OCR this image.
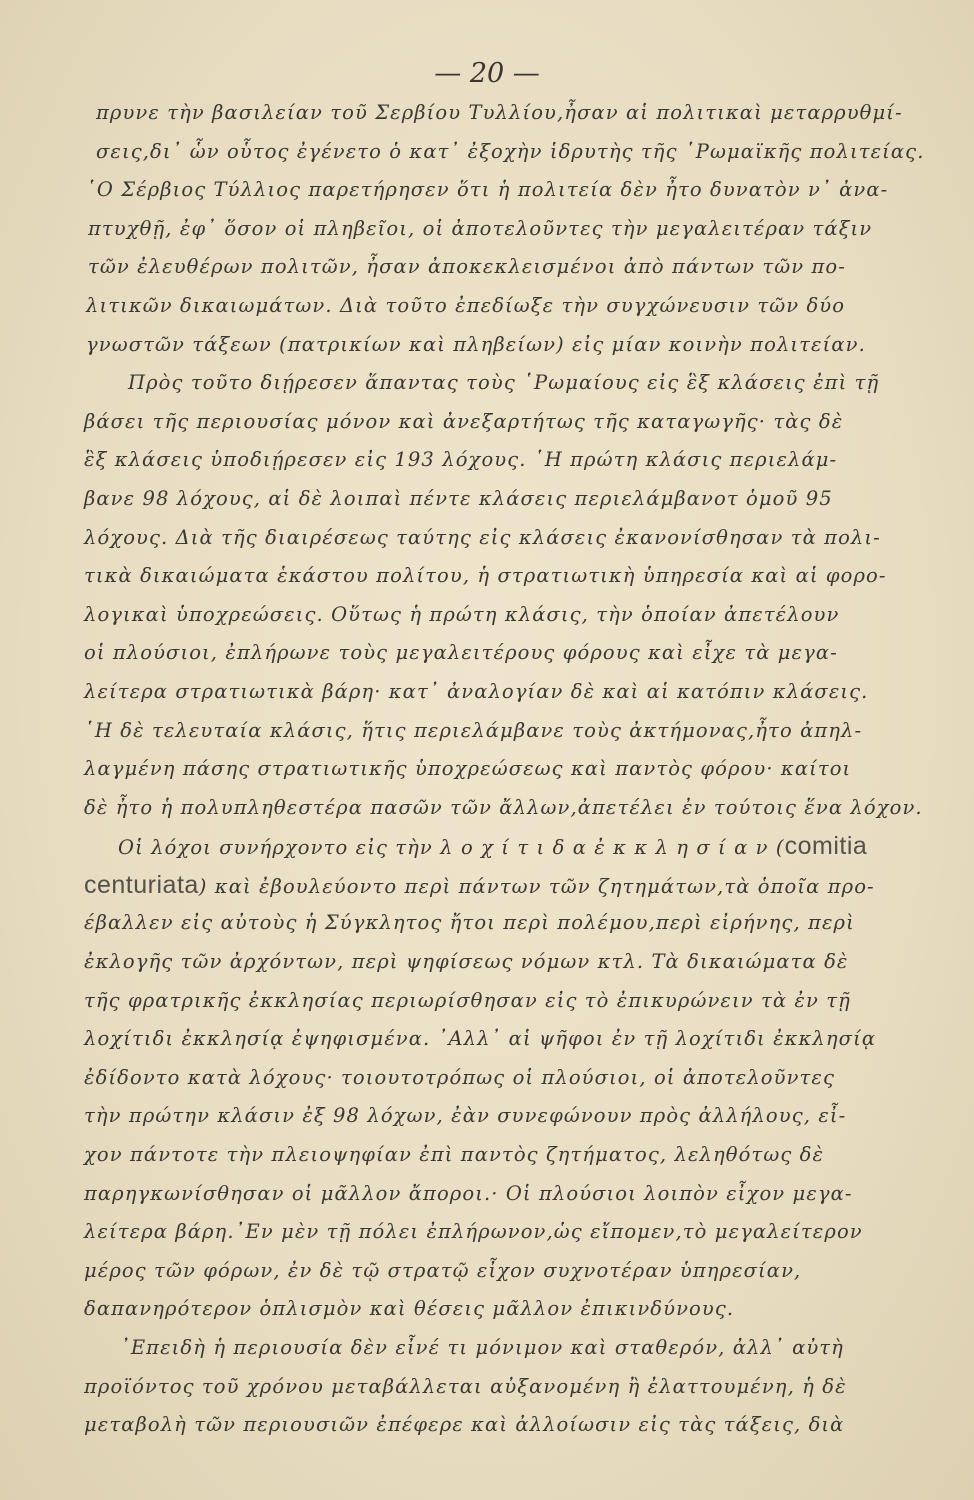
— 20 —
πρυνε τὴν βασιλείαν τοῦ Σερβίου Τυλλίου,ἦσαν αἱ πολιτικαὶ μεταρρυθμί-
σεις,δι᾽ ὧν οὗτος ἐγένετο ὁ κατ᾽ ἐξοχὴν ἱδρυτὴς τῆς ῾Ρωμαϊκῆς πολιτείας.
῾Ο Σέρβιος Τύλλιος παρετήρησεν ὅτι ἡ πολιτεία δὲν ἦτο δυνατὸν ν᾽ ἀνα-
πτυχθῇ, ἐφ᾽ ὅσον οἱ πληβεῖοι, οἱ ἀποτελοῦντες τὴν μεγαλειτέραν τάξιν
τῶν ἐλευθέρων πολιτῶν, ἦσαν ἀποκεκλεισμένοι ἀπὸ πάντων τῶν πο-
λιτικῶν δικαιωμάτων. Διὰ τοῦτο ἐπεδίωξε τὴν συγχώνευσιν τῶν δύο
γνωστῶν τάξεων (πατρικίων καὶ πληβείων) εἰς μίαν κοινὴν πολιτείαν.
Πρὸς τοῦτο διῄρεσεν ἅπαντας τοὺς ῾Ρωμαίους εἰς ἓξ κλάσεις ἐπὶ τῇ
βάσει τῆς περιουσίας μόνον καὶ ἀνεξαρτήτως τῆς καταγωγῆς· τὰς δὲ
ἓξ κλάσεις ὑποδιῄρεσεν εἰς 193 λόχους. ῾Η πρώτη κλάσις περιελάμ-
βανε 98 λόχους, αἱ δὲ λοιπαὶ πέντε κλάσεις περιελάμβανοτ ὁμοῦ 95
λόχους. Διὰ τῆς διαιρέσεως ταύτης εἰς κλάσεις ἐκανονίσθησαν τὰ πολι-
τικὰ δικαιώματα ἑκάστου πολίτου, ἡ στρατιωτικὴ ὑπηρεσία καὶ αἱ φορο-
λογικαὶ ὑποχρεώσεις. Οὕτως ἡ πρώτη κλάσις, τὴν ὁποίαν ἀπετέλουν
οἱ πλούσιοι, ἐπλήρωνε τοὺς μεγαλειτέρους φόρους καὶ εἶχε τὰ μεγα-
λείτερα στρατιωτικὰ βάρη· κατ᾽ ἀναλογίαν δὲ καὶ αἱ κατόπιν κλάσεις.
῾Η δὲ τελευταία κλάσις, ἥτις περιελάμβανε τοὺς ἀκτήμονας,ἦτο ἀπηλ-
λαγμένη πάσης στρατιωτικῆς ὑποχρεώσεως καὶ παντὸς φόρου· καίτοι
δὲ ἦτο ἡ πολυπληθεστέρα πασῶν τῶν ἄλλων,ἀπετέλει ἐν τούτοις ἕνα λόχον.
Οἱ λόχοι συνήρχοντο εἰς τὴν λ ο χ ί τ ι δ α ἐ κ κ λ η σ ί α ν (comitia
centuriata) καὶ ἐβουλεύοντο περὶ πάντων τῶν ζητημάτων,τὰ ὁποῖα προ-
έβαλλεν εἰς αὐτοὺς ἡ Σύγκλητος ἤτοι περὶ πολέμου,περὶ εἰρήνης, περὶ
ἐκλογῆς τῶν ἀρχόντων, περὶ ψηφίσεως νόμων κτλ. Τὰ δικαιώματα δὲ
τῆς φρατρικῆς ἐκκλησίας περιωρίσθησαν εἰς τὸ ἐπικυρώνειν τὰ ἐν τῇ
λοχίτιδι ἐκκλησίᾳ ἐψηφισμένα. ᾿Αλλ᾽ αἱ ψῆφοι ἐν τῇ λοχίτιδι ἐκκλησίᾳ
ἐδίδοντο κατὰ λόχους· τοιουτοτρόπως οἱ πλούσιοι, οἱ ἀποτελοῦντες
τὴν πρώτην κλάσιν ἐξ 98 λόχων, ἐὰν συνεφώνουν πρὸς ἀλλήλους, εἶ-
χον πάντοτε τὴν πλειοψηφίαν ἐπὶ παντὸς ζητήματος, λεληθότως δὲ
παρηγκωνίσθησαν οἱ μᾶλλον ἄποροι.· Οἱ πλούσιοι λοιπὸν εἶχον μεγα-
λείτερα βάρη.᾽Εν μὲν τῇ πόλει ἐπλήρωνον,ὡς εἴπομεν,τὸ μεγαλείτερον
μέρος τῶν φόρων, ἐν δὲ τῷ στρατῷ εἶχον συχνοτέραν ὑπηρεσίαν,
δαπανηρότερον ὁπλισμὸν καὶ θέσεις μᾶλλον ἐπικινδύνους.
᾿Επειδὴ ἡ περιουσία δὲν εἶνέ τι μόνιμον καὶ σταθερόν, ἀλλ᾽ αὐτὴ
προϊόντος τοῦ χρόνου μεταβάλλεται αὐξανομένη ἢ ἐλαττουμένη, ἡ δὲ
μεταβολὴ τῶν περιουσιῶν ἐπέφερε καὶ ἀλλοίωσιν εἰς τὰς τάξεις, διὰ
